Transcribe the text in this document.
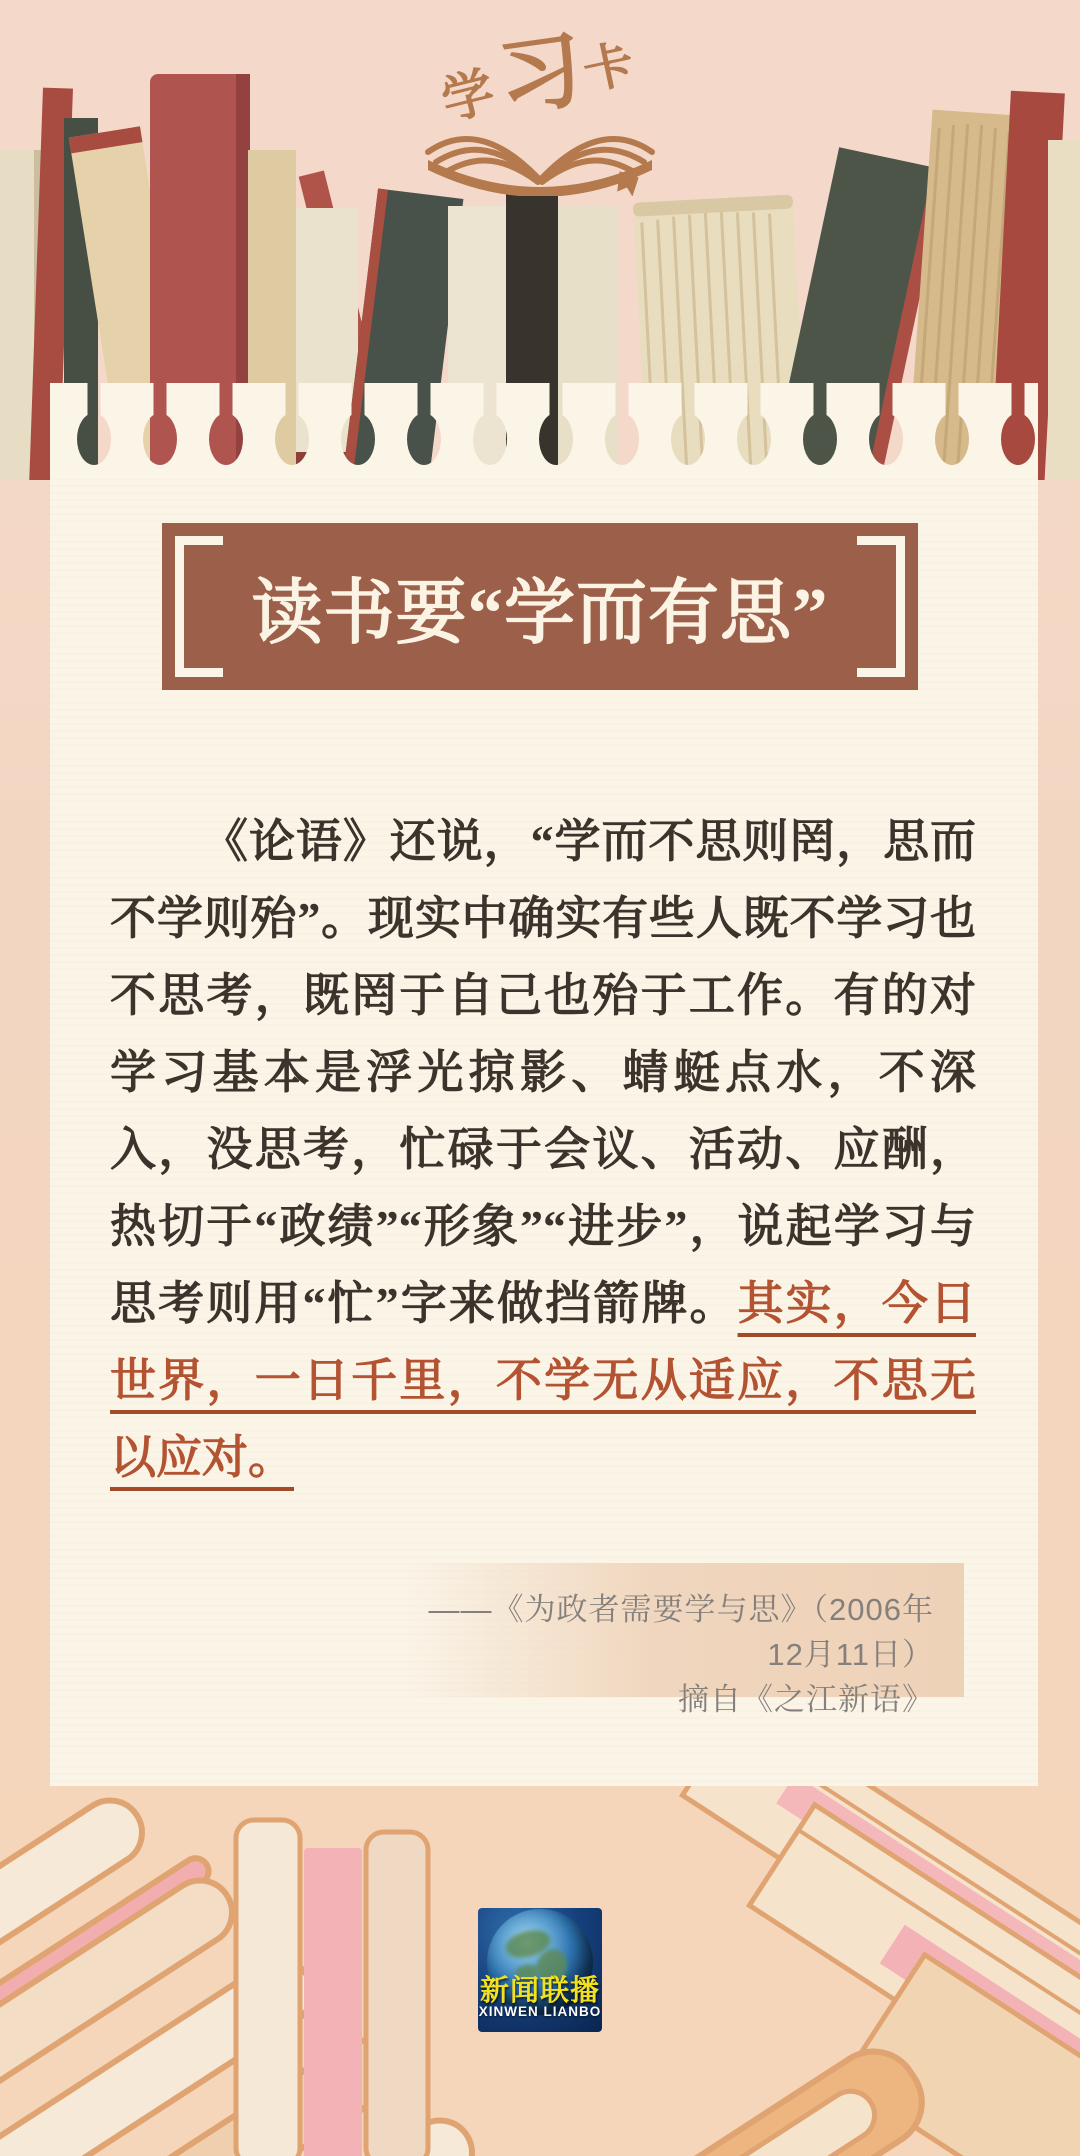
学
习
卡
读书要“学而有思”

《论语》还说，“学而不思则罔，思而不学则殆”。现实中确实有些人既不学习也不思考，既罔于自己也殆于工作。有的对学习基本是浮光掠影、蜻蜓点水，不深入，没思考，忙碌于会议、活动、应酬，热切于“政绩”“形象”“进步”，说起学习与思考则用“忙”字来做挡箭牌。其实，今日世界，一日千里，不学无从适应，不思无以应对。

——《为政者需要学与思》（2006年12月11日）
摘自《之江新语》
新闻联播
XINWEN LIANBO
